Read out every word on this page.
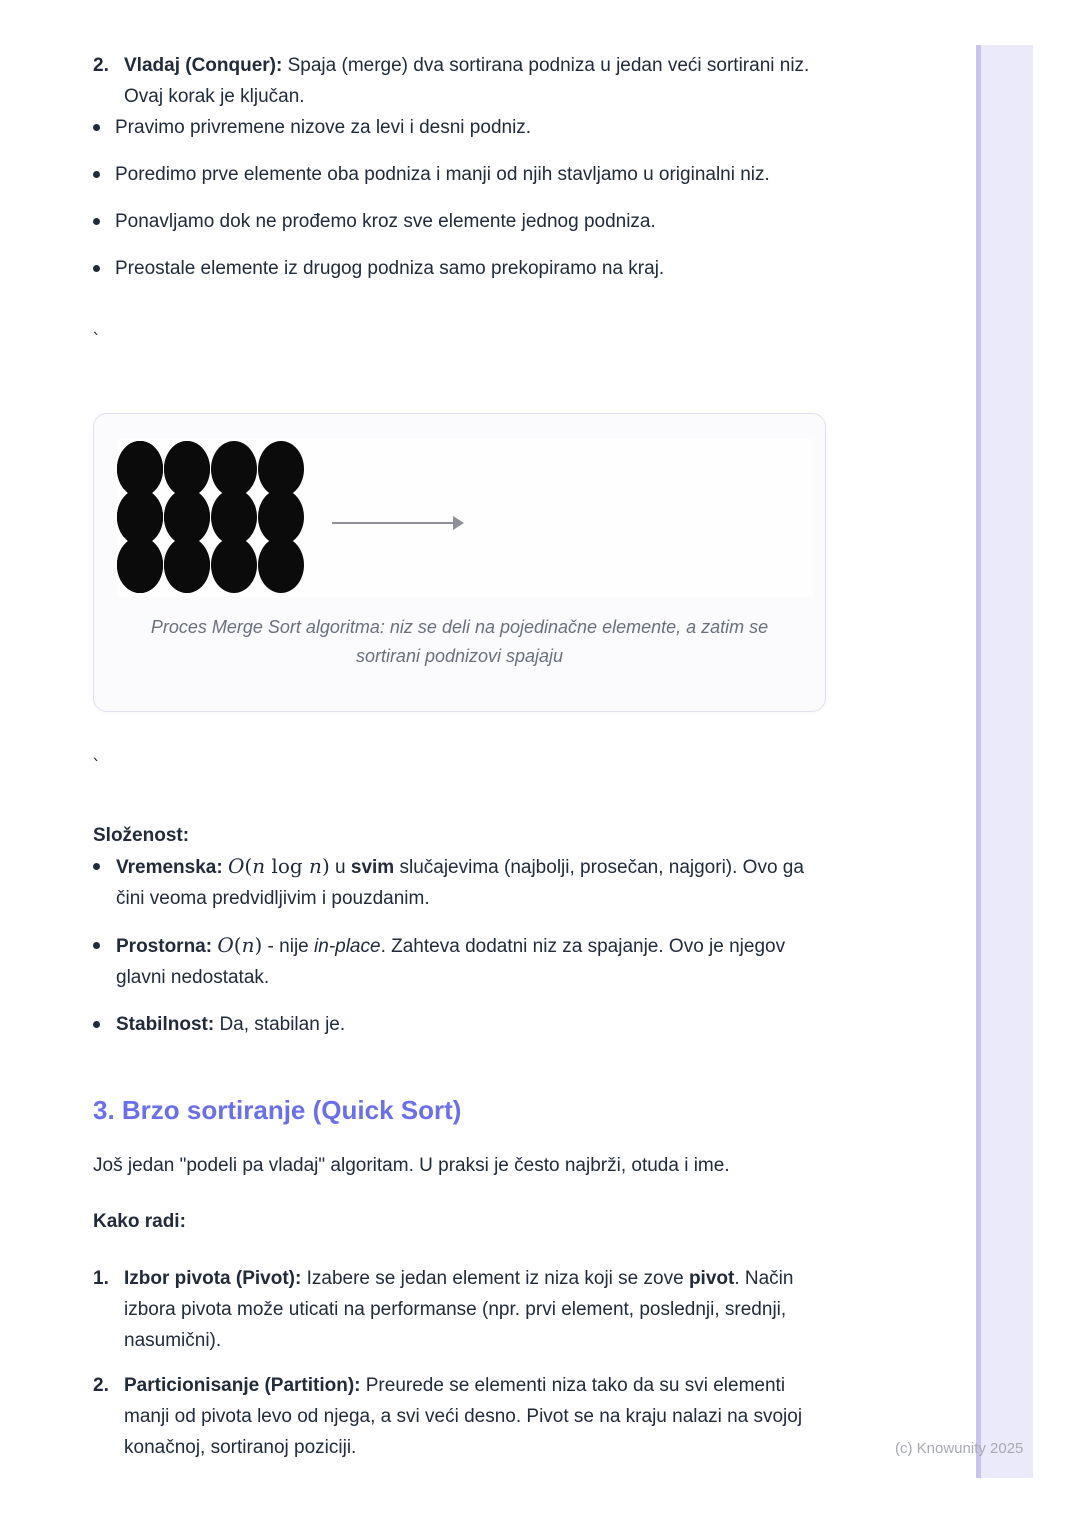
2. Vladaj (Conquer): Spaja (merge) dva sortirana podniza u jedan veći sortirani niz. Ovaj korak je ključan.
Pravimo privremene nizove za levi i desni podniz.
Poredimo prve elemente oba podniza i manji od njih stavljamo u originalni niz.
Ponavljamo dok ne prođemo kroz sve elemente jednog podniza.
Preostale elemente iz drugog podniza samo prekopiramo na kraj.
`
`
Proces Merge Sort algoritma: niz se deli na pojedinačne elemente, a zatim se sortirani podnizovi spajaju
Složenost:
Vremenska: O(n log n) u svim slučajevima (najbolji, prosečan, najgori). Ovo ga čini veoma predvidljivim i pouzdanim.
Prostorna: O(n) - nije in-place. Zahteva dodatni niz za spajanje. Ovo je njegov glavni nedostatak.
Stabilnost: Da, stabilan je.
3. Brzo sortiranje (Quick Sort)

Još jedan "podeli pa vladaj" algoritam. U praksi je često najbrži, otuda i ime.

Kako radi:
1. Izbor pivota (Pivot): Izabere se jedan element iz niza koji se zove pivot. Način izbora pivota može uticati na performanse (npr. prvi element, poslednji, srednji, nasumični).
2. Particionisanje (Partition): Preurede se elementi niza tako da su svi elementi manji od pivota levo od njega, a svi veći desno. Pivot se na kraju nalazi na svojoj konačnoj, sortiranoj poziciji.	(c) Knowunity 2025
